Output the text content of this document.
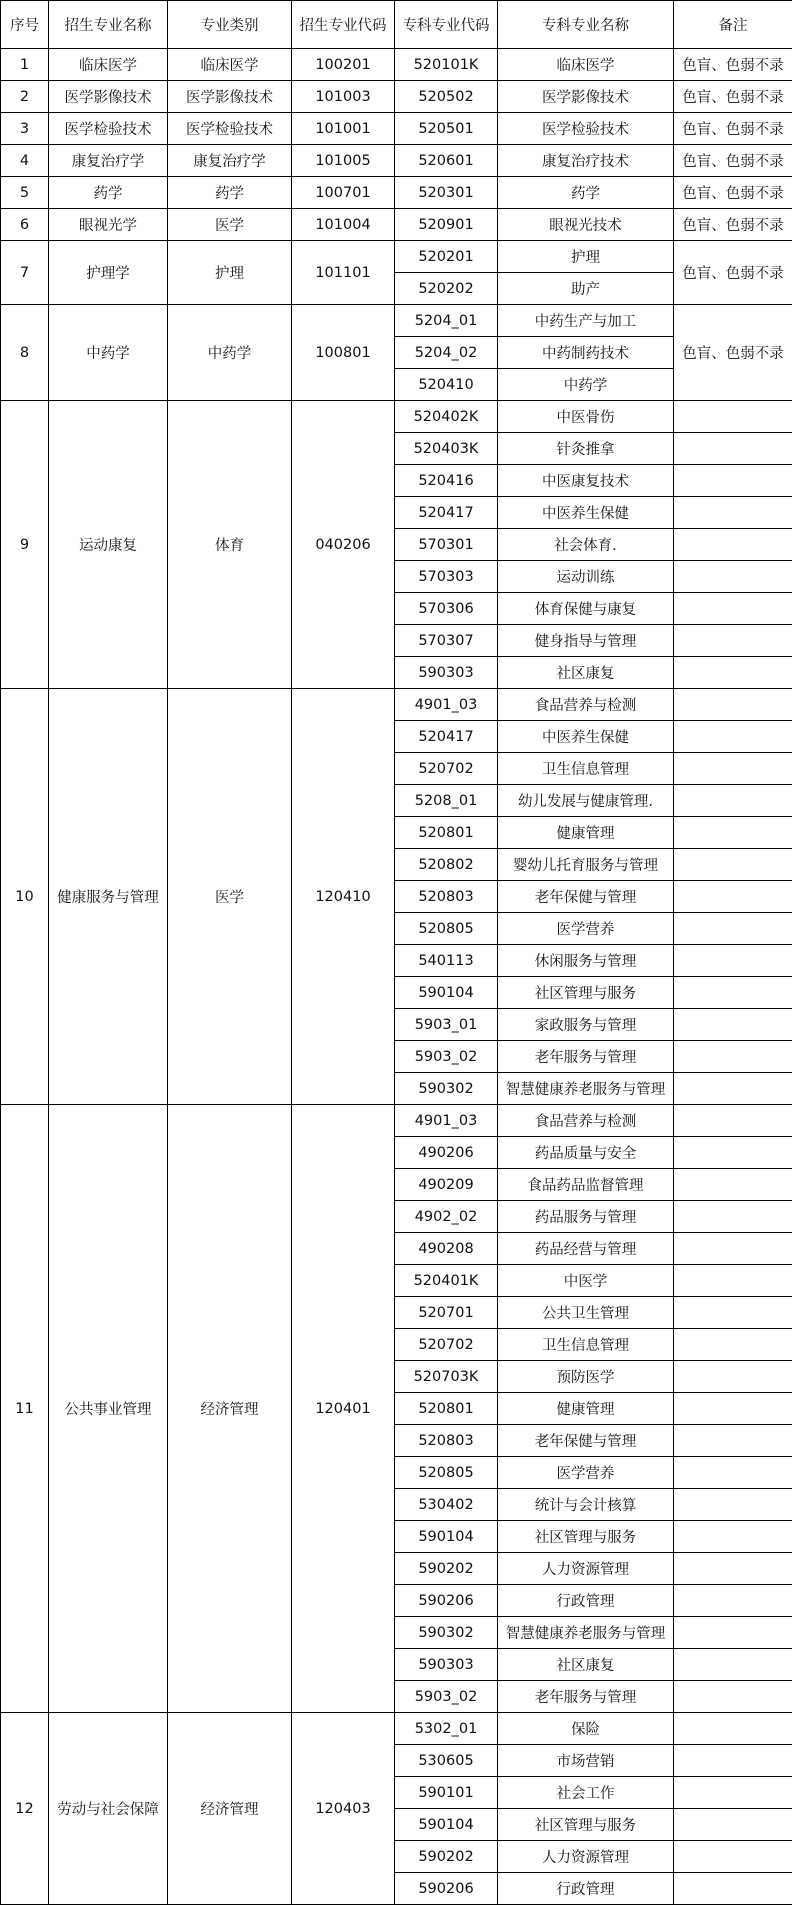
序号	招生专业名称	专业类别	招生专业代码	专科专业代码	专科专业名称	备注
1	临床医学	临床医学	100201	520101K	临床医学	色盲、色弱不录
2	医学影像技术	医学影像技术	101003	520502	医学影像技术	色盲、色弱不录
3	医学检验技术	医学检验技术	101001	520501	医学检验技术	色盲、色弱不录
4	康复治疗学	康复治疗学	101005	520601	康复治疗技术	色盲、色弱不录
5	药学	药学	100701	520301	药学	色盲、色弱不录
6	眼视光学	医学	101004	520901	眼视光技术	色盲、色弱不录
7	护理学	护理	101101	520201	护理	色盲、色弱不录
				520202	助产	
8	中药学	中药学	100801	5204_01	中药生产与加工	色盲、色弱不录
				5204_02	中药制药技术	
				520410	中药学	
9	运动康复	体育	040206	520402K	中医骨伤	
				520403K	针灸推拿	
				520416	中医康复技术	
				520417	中医养生保健	
				570301	社会体育.	
				570303	运动训练	
				570306	体育保健与康复	
				570307	健身指导与管理	
				590303	社区康复	
10	健康服务与管理	医学	120410	4901_03	食品营养与检测	
				520417	中医养生保健	
				520702	卫生信息管理	
				5208_01	幼儿发展与健康管理.	
				520801	健康管理	
				520802	婴幼儿托育服务与管理	
				520803	老年保健与管理	
				520805	医学营养	
				540113	休闲服务与管理	
				590104	社区管理与服务	
				5903_01	家政服务与管理	
				5903_02	老年服务与管理	
				590302	智慧健康养老服务与管理	
11	公共事业管理	经济管理	120401	4901_03	食品营养与检测	
				490206	药品质量与安全	
				490209	食品药品监督管理	
				4902_02	药品服务与管理	
				490208	药品经营与管理	
				520401K	中医学	
				520701	公共卫生管理	
				520702	卫生信息管理	
				520703K	预防医学	
				520801	健康管理	
				520803	老年保健与管理	
				520805	医学营养	
				530402	统计与会计核算	
				590104	社区管理与服务	
				590202	人力资源管理	
				590206	行政管理	
				590302	智慧健康养老服务与管理	
				590303	社区康复	
				5903_02	老年服务与管理	
12	劳动与社会保障	经济管理	120403	5302_01	保险	
				530605	市场营销	
				590101	社会工作	
				590104	社区管理与服务	
				590202	人力资源管理	
				590206	行政管理	
